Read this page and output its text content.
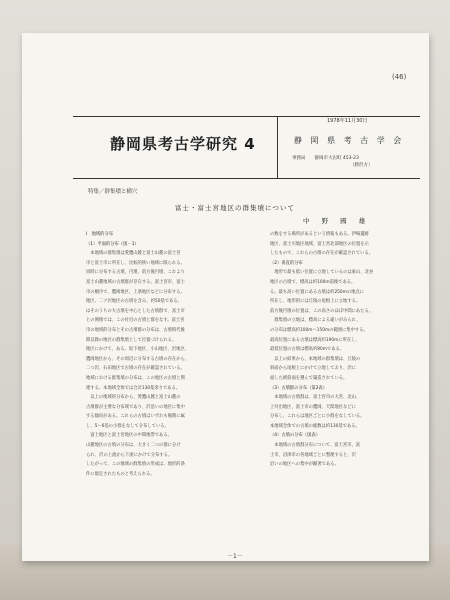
(46)
静岡県考古学研究 4
1978年11月30日
静 岡 県 考 古 学 会
事務局　　静岡市大岩町 453-23
（勝沢方）
特集／群集墳と横穴
富士・富士宮地区の群集墳について
中 野 國 雄
Ⅰ　地域的分布
（1）平面的分布（図－1）
　本地域の群集墳は愛鷹山麓と富士山麓の富士宮
市と富士市に所在し、比較的狭い地域に限られる。
同時に分布する古墳、円墳、前方後円墳、これより
富士山麓地域の古墳群が存在する。富士宮市、富士
市の順序で、鷹岡地区、上条地区などに分布する。
地区、二ツ沢地区の古墳を含み、約50基である。
はそのうちの大古墳を中心とした古墳群で、富士市
との関係では、この付近の古墳と群をなす。富士宮
市の地域的分布とその古墳群の分布は、古墳時代後
期以降の地区の群集墳として位置づけられる。
地区にかけて、ある。坂下地区、小山地区、沢地区、
鷹岡地区から、その周辺に分布する古墳の存在から、
二つ沢、石田地区で古墳の存在が確認されている。
地域における群集墳の分布は、この地区の古墳と関
連する。本地域全体では合計130基余りである。
　以上の地域的分布から、愛鷹山麓と富士山麓の
古墳群が主要な分布域であり、沢沿いの地区に集中
する傾向がある。これらの古墳はいずれも後期に属
し、5～6基の小群をなして分布している。
　富士地区と富士宮地区の中間地帯である。
山麓地区の古墳の分布は、大きく二つの群に分け
られ、沢の上流から下流にかけて分布する。
したがって、この地域の群集墳の形成は、地形的条
件に規定されたものと考えられる。
の数をする場所があるという情報もある。伊場遺跡
地区、富士川地区地域、富士宮北部地区の位置を示
したもので、これらの古墳の存在が確認されている。
（2）垂直的分布
　地形で最も低い位置に立地しているのは東山、北谷
地区の古墳で、標高は約100m前後である。
る。最も高い位置にある古墳は約250mの地点に
所在し、地形的には丘陵の尾根上に立地する。
前方後円墳の位置は、この高さのほぼ中間にあたる。
　群集墳の立地は、標高による違いがみられ、
の分布は標高約100m～150mの範囲に集中する。
最高位置にある古墳は標高約190mに所在し、
最低位置の古墳は標高約80mである。
　以上の結果から、本地域の群集墳は、丘陵の
斜面から尾根上にかけて立地しており、沢に
面した緩斜面を選んで築造されている。
（3）古墳群の分布（第2表）
　本地域の古墳群は、富士宮市の大宮、北山、
上井出地区、富士市の鷹岡、天間地区などに
分布し、これらは地区ごとに小群をなしている。
本地域全体での古墳の総数は約130基である。
（4）古墳の分布（図表）
　本地域の古墳群分布について、富士宮市、富
士市、沼津市の各地域ごとに整理すると、沢
沿いの地区への集中が顕著である。
－1－
